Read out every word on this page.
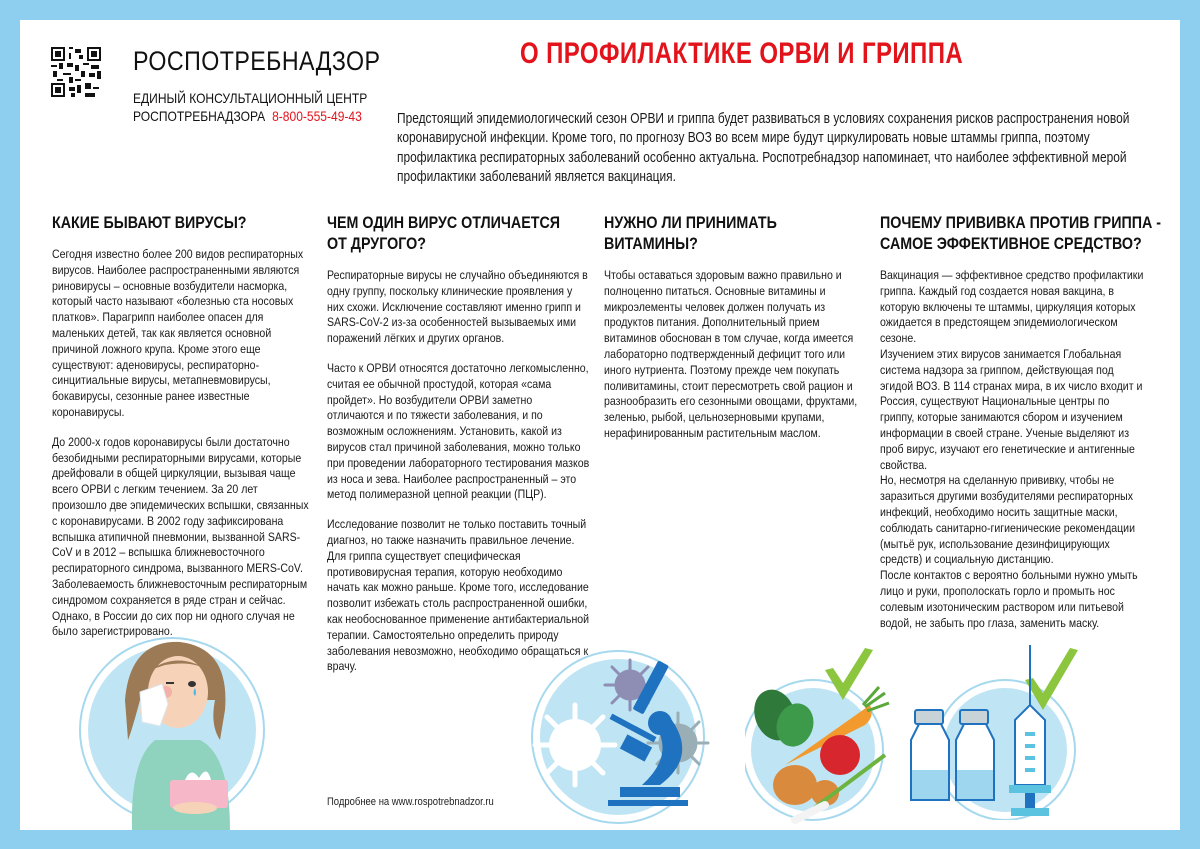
РОСПОТРЕБНАДЗОР
ЕДИНЫЙ КОНСУЛЬТАЦИОННЫЙ ЦЕНТР
РОСПОТРЕБНАДЗОРА 8-800-555-49-43
О ПРОФИЛАКТИКЕ ОРВИ И ГРИППА
Предстоящий эпидемиологический сезон ОРВИ и гриппа будет развиваться в условиях сохранения рисков распространения новой коронавирусной инфекции. Кроме того, по прогнозу ВОЗ во всем мире будут циркулировать новые штаммы гриппа, поэтому профилактика респираторных заболеваний особенно актуальна. Роспотребнадзор напоминает, что наиболее эффективной мерой профилактики заболеваний является вакцинация.
КАКИЕ БЫВАЮТ ВИРУСЫ?

Сегодня известно более 200 видов респираторных вирусов. Наиболее распространенными являются риновирусы – основные возбудители насморка, который часто называют «болезнью ста носовых платков». Парагрипп наиболее опасен для маленьких детей, так как является основной причиной ложного крупа. Кроме этого еще существуют: аденовирусы, респираторно-синцитиальные вирусы, метапневмовирусы, бокавирусы, сезонные ранее известные коронавирусы.

До 2000-х годов коронавирусы были достаточно безобидными респираторными вирусами, которые дрейфовали в общей циркуляции, вызывая чаще всего ОРВИ с легким течением. За 20 лет произошло две эпидемических вспышки, связанных с коронавирусами. В 2002 году зафиксирована вспышка атипичной пневмонии, вызванной SARS-CoV и в 2012 – вспышка ближневосточного респираторного синдрома, вызванного MERS-CoV. Заболеваемость ближневосточным респираторным синдромом сохраняется в ряде стран и сейчас. Однако, в России до сих пор ни одного случая не было зарегистрировано.

ЧЕМ ОДИН ВИРУС ОТЛИЧАЕТСЯ ОТ ДРУГОГО?

Респираторные вирусы не случайно объединяются в одну группу, поскольку клинические проявления у них схожи. Исключение составляют именно грипп и SARS-CoV-2 из-за особенностей вызываемых ими поражений лёгких и других органов.

Часто к ОРВИ относятся достаточно легкомысленно, считая ее обычной простудой, которая «сама пройдет». Но возбудители ОРВИ заметно отличаются и по тяжести заболевания, и по возможным осложнениям. Установить, какой из вирусов стал причиной заболевания, можно только при проведении лабораторного тестирования мазков из носа и зева. Наиболее распространенный – это метод полимеразной цепной реакции (ПЦР).

Исследование позволит не только поставить точный диагноз, но также назначить правильное лечение. Для гриппа существует специфическая противовирусная терапия, которую необходимо начать как можно раньше. Кроме того, исследование позволит избежать столь распространенной ошибки, как необоснованное применение антибактериальной терапии. Самостоятельно определить природу заболевания невозможно, необходимо обращаться к врачу.

НУЖНО ЛИ ПРИНИМАТЬ ВИТАМИНЫ?

Чтобы оставаться здоровым важно правильно и полноценно питаться. Основные витамины и микроэлементы человек должен получать из продуктов питания. Дополнительный прием витаминов обоснован в том случае, когда имеется лабораторно подтвержденный дефицит того или иного нутриента. Поэтому прежде чем покупать поливитамины, стоит пересмотреть свой рацион и разнообразить его сезонными овощами, фруктами, зеленью, рыбой, цельнозерновыми крупами, нерафинированным растительным маслом.

ПОЧЕМУ ПРИВИВКА ПРОТИВ ГРИППА - САМОЕ ЭФФЕКТИВНОЕ СРЕДСТВО?

Вакцинация — эффективное средство профилактики гриппа. Каждый год создается новая вакцина, в которую включены те штаммы, циркуляция которых ожидается в предстоящем эпидемиологическом сезоне.

Изучением этих вирусов занимается Глобальная система надзора за гриппом, действующая под эгидой ВОЗ. В 114 странах мира, в их число входит и Россия, существуют Национальные центры по гриппу, которые занимаются сбором и изучением информации в своей стране. Ученые выделяют из проб вирус, изучают его генетические и антигенные свойства.

Но, несмотря на сделанную прививку, чтобы не заразиться другими возбудителями респираторных инфекций, необходимо носить защитные маски, соблюдать санитарно-гигиенические рекомендации (мытьё рук, использование дезинфицирующих средств) и социальную дистанцию.

После контактов с вероятно больными нужно умыть лицо и руки, прополоскать горло и промыть нос солевым изотоническим раствором или питьевой водой, не забыть про глаза, заменить маску.

Подробнее на www.rospotrebnadzor.ru
